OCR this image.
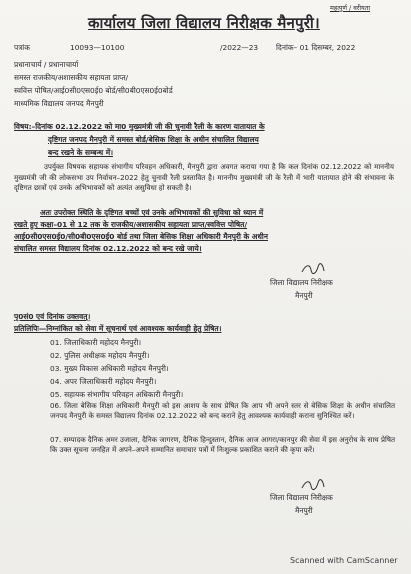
महत्पुर्ण / वरीयता
कार्यालय जिला विद्यालय निरीक्षक मैनपुरी।
पत्रांक	10093—10100	/2022—23 दिनांक– 01 दिसम्बर, 2022
प्रधानाचार्य / प्रधानाचार्या
समस्त राजकीय/अशासकीय सहायता प्राप्त/
स्ववित्त पोषित/आई0सी0एस0ई0 बोर्ड/सी0बी0एस0ई0बोर्ड
माध्यमिक विद्यालय जनपद मैनपुरी
विषय:–दिनांक 02.12.2022 को मा0 मुख्यमंत्री जी की चुनावी रैली के कारण यातायात के
दृष्टिगत जनपद मैनपुरी में समस्त बोर्ड/बेसिक शिक्षा के अधीन संचालित विद्यालय
बन्द रखने के सम्बन्ध में।
उपर्युक्त विषयक सहायक संभागीय परिवहन अधिकारी, मैनपुरी द्वारा अवगत कराया गया है कि कल दिनांक 02.12.2022 को माननीय मुख्यमंत्री जी की लोकसभा उप निर्वाचन–2022 हेतु चुनावी रैली प्रस्तावित है। माननीय मुख्यमंत्री जी के रैली में भारी यातायात होने की संभावना के दृष्टिगत छात्रों एवं उनके अभिभावकों को अत्यंत असुविधा हो सकती है।
अतः उपरोक्त स्थिति के दृष्टिगत बच्चों एवं उनके अभिभावकों की सुविधा को ध्यान में
रखते हुए कक्षा–01 से 12 तक के राजकीय/अशासकीय सहायता प्राप्त/स्ववित्त पोषित/
आई0सी0एस0ई0/सी0बी0एस0ई0 बोर्ड तथा जिला बेसिक शिक्षा अधिकारी मैनपुरी के अधीन
संचालित समस्त विद्यालय दिनांक 02.12.2022 को बन्द रखे जाये।
जिला विद्यालय निरीक्षक
मैनपुरी
पृ0सं0 एवं दिनांक उक्तवत्।
प्रतिलिपिः—निम्नांकित को सेवा में सूचनार्थ एवं आवश्यक कार्यवाही हेतु प्रेषित।
01. जिलाधिकारी महोदय मैनपुरी।
02. पुलिस अधीक्षक महोदय मैनपुरी।
03. मुख्य विकास अधिकारी महोदय मैनपुरी।
04. अपर जिलाधिकारी महोदय मैनपुरी।
05. सहायक संभागीय परिवहन अधिकारी मैनपुरी।
06. जिला बेसिक शिक्षा अधिकारी मैनपुरी को इस आशय के साथ प्रेषित कि आप भी अपने स्तर से बेसिक शिक्षा के अधीन संचालित जनपद मैनपुरी के समस्त विद्यालय दिनांक 02.12.2022 को बन्द कराने हेतु आवश्यक कार्यवाही कराना सुनिश्चित करें।
07. सम्पादक दैनिक अमर उजाला, दैनिक जागरण, दैनिक हिन्दुस्तान, दैनिक आज आगरा/कानपुर की सेवा में इस अनुरोध के साथ प्रेषित कि उक्त सूचना जनहित में अपने–अपने सम्मानित समाचार पत्रों में निःशुल्क प्रकाशित कराने की कृपा करें।
जिला विद्यालय निरीक्षक
मैनपुरी
Scanned with CamScanner
